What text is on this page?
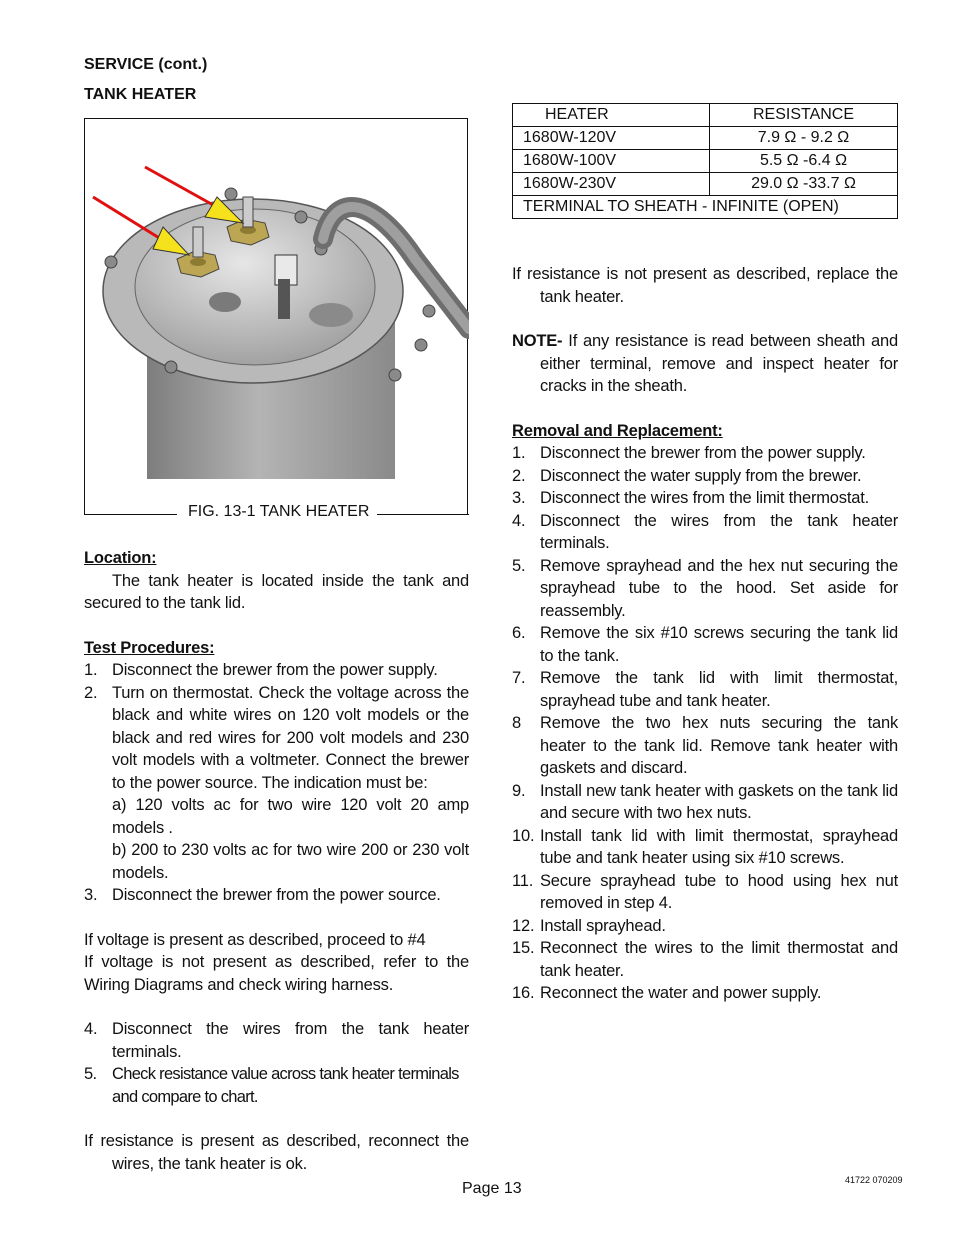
SERVICE (cont.)
TANK HEATER
FIG. 13-1 TANK HEATER
HEATER	RESISTANCE
1680W-120V	7.9 Ω - 9.2 Ω
1680W-100V	5.5 Ω -6.4 Ω
1680W-230V	29.0 Ω -33.7 Ω
TERMINAL TO SHEATH - INFINITE (OPEN)	

Location:

The tank heater is located inside the tank and secured to the tank lid.

Test Procedures:

1. Disconnect the brewer from the power supply.
2. Turn on thermostat. Check the voltage across the black and white wires on 120 volt models or the black and red wires for 200 volt models and 230 volt models with a voltmeter. Connect the brewer to the power source. The indication must be:
a) 120 volts ac for two wire 120 volt 20 amp models .
b) 200 to 230 volts ac for two wire 200 or 230 volt models.
3. Disconnect the brewer from the power source.

If voltage is present as described, proceed to #4

If voltage is not present as described, refer to the Wiring Diagrams and check wiring harness.

4. Disconnect the wires from the tank heater terminals.
5. Check resistance value across tank heater terminals and compare to chart.

If resistance is present as described, reconnect the wires, the tank heater is ok.
If resistance is not present as described, replace the tank heater.

NOTE- If any resistance is read between sheath and either terminal, remove and inspect heater for cracks in the sheath.

Removal and Replacement:

1. Disconnect the brewer from the power supply.
2. Disconnect the water supply from the brewer.
3. Disconnect the wires from the limit thermostat.
4. Disconnect the wires from the tank heater terminals.
5. Remove sprayhead and the hex nut securing the sprayhead tube to the hood. Set aside for reassembly.
6. Remove the six #10 screws securing the tank lid to the tank.
7. Remove the tank lid with limit thermostat, sprayhead tube and tank heater.
8 Remove the two hex nuts securing the tank heater to the tank lid. Remove tank heater with gaskets and discard.
9. Install new tank heater with gaskets on the tank lid and secure with two hex nuts.
10. Install tank lid with limit thermostat, sprayhead tube and tank heater using six #10 screws.
11. Secure sprayhead tube to hood using hex nut removed in step 4.
12. Install sprayhead.
15. Reconnect the wires to the limit thermostat and tank heater.
16. Reconnect the water and power supply.
Page 13	41722 070209
